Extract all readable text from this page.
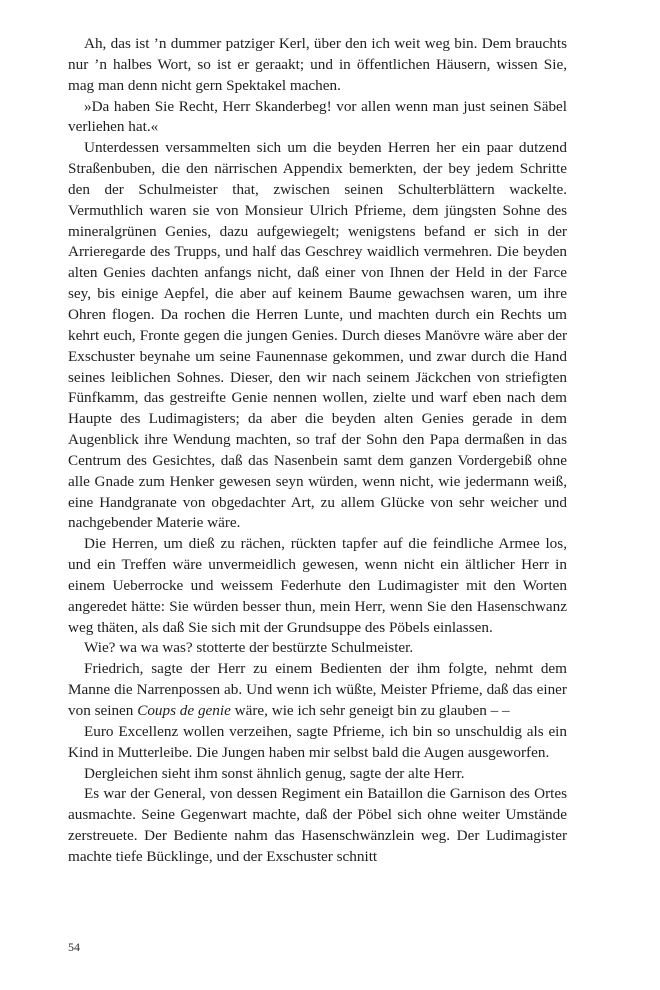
Ah, das ist ’n dummer patziger Kerl, über den ich weit weg bin. Dem brauchts nur ’n halbes Wort, so ist er geraakt; und in öffentlichen Häusern, wissen Sie, mag man denn nicht gern Spektakel machen.

»Da haben Sie Recht, Herr Skanderbeg! vor allen wenn man just seinen Säbel verliehen hat.«

Unterdessen versammelten sich um die beyden Herren her ein paar dutzend Straßenbuben, die den närrischen Appendix bemerkten, der bey jedem Schritte den der Schulmeister that, zwischen seinen Schulterblättern wackelte. Vermuthlich waren sie von Monsieur Ulrich Pfrieme, dem jüngsten Sohne des mineralgrünen Genies, dazu aufgewiegelt; wenigstens befand er sich in der Arrieregarde des Trupps, und half das Geschrey waidlich vermehren. Die beyden alten Genies dachten anfangs nicht, daß einer von Ihnen der Held in der Farce sey, bis einige Aepfel, die aber auf keinem Baume gewachsen waren, um ihre Ohren flogen. Da rochen die Herren Lunte, und machten durch ein Rechts um kehrt euch, Fronte gegen die jungen Genies. Durch dieses Manövre wäre aber der Exschuster beynahe um seine Faunennase gekommen, und zwar durch die Hand seines leiblichen Sohnes. Dieser, den wir nach seinem Jäckchen von striefigten Fünfkamm, das gestreifte Genie nennen wollen, zielte und warf eben nach dem Haupte des Ludimagisters; da aber die beyden alten Genies gerade in dem Augenblick ihre Wendung machten, so traf der Sohn den Papa dermaßen in das Centrum des Gesichtes, daß das Nasenbein samt dem ganzen Vordergebiß ohne alle Gnade zum Henker gewesen seyn würden, wenn nicht, wie jedermann weiß, eine Handgranate von obgedachter Art, zu allem Glücke von sehr weicher und nachgebender Materie wäre.

Die Herren, um dieß zu rächen, rückten tapfer auf die feindliche Armee los, und ein Treffen wäre unvermeidlich gewesen, wenn nicht ein ältlicher Herr in einem Ueberrocke und weissem Federhute den Ludimagister mit den Worten angeredet hätte: Sie würden besser thun, mein Herr, wenn Sie den Hasenschwanz weg thäten, als daß Sie sich mit der Grundsuppe des Pöbels einlassen.

Wie? wa wa was? stotterte der bestürzte Schulmeister.

Friedrich, sagte der Herr zu einem Bedienten der ihm folgte, nehmt dem Manne die Narrenpossen ab. Und wenn ich wüßte, Meister Pfrieme, daß das einer von seinen Coups de genie wäre, wie ich sehr geneigt bin zu glauben – –

Euro Excellenz wollen verzeihen, sagte Pfrieme, ich bin so unschuldig als ein Kind in Mutterleibe. Die Jungen haben mir selbst bald die Augen ausgeworfen.

Dergleichen sieht ihm sonst ähnlich genug, sagte der alte Herr.

Es war der General, von dessen Regiment ein Bataillon die Garnison des Ortes ausmachte. Seine Gegenwart machte, daß der Pöbel sich ohne weiter Umstände zerstreuete. Der Bediente nahm das Hasenschwänzlein weg. Der Ludimagister machte tiefe Bücklinge, und der Exschuster schnitt

54
